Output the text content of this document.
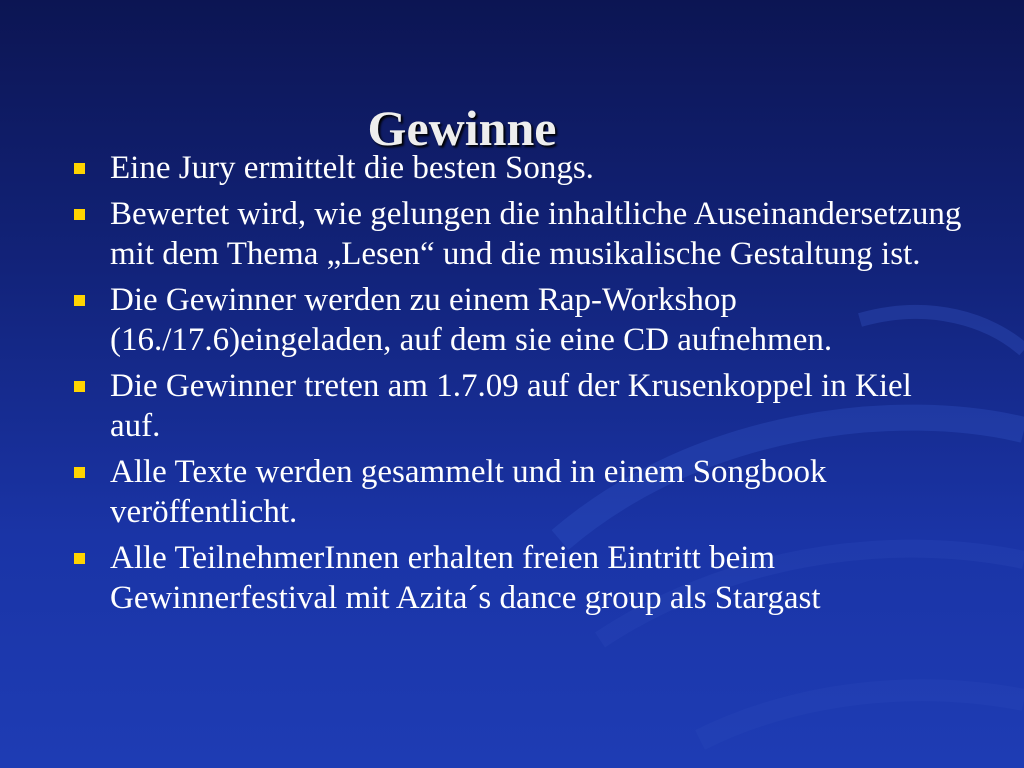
Gewinne
Eine Jury ermittelt die besten Songs.
Bewertet wird, wie gelungen die inhaltliche Auseinandersetzung mit dem Thema „Lesen“ und die musikalische Gestaltung ist.
Die Gewinner werden zu einem Rap-Workshop (16./17.6)eingeladen, auf dem sie eine CD aufnehmen.
Die Gewinner treten am 1.7.09 auf der Krusenkoppel in Kiel auf.
Alle Texte werden gesammelt und in einem Songbook veröffentlicht.
Alle TeilnehmerInnen erhalten freien Eintritt beim Gewinnerfestival mit Azita´s dance group als Stargast
